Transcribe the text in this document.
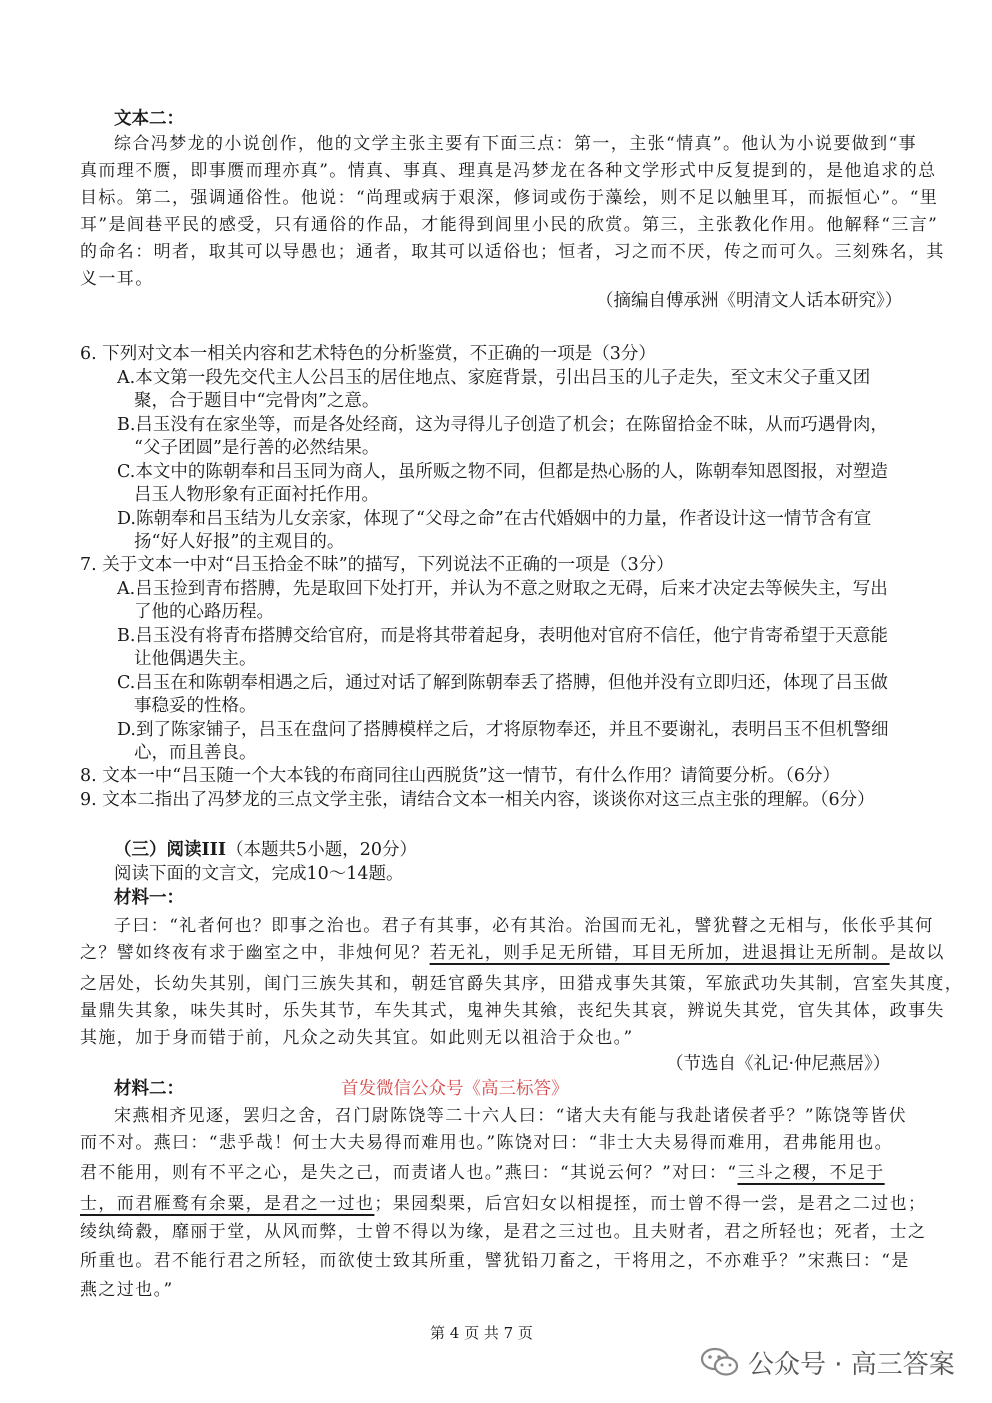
文本二：
综合冯梦龙的小说创作，他的文学主张主要有下面三点：第一，主张“情真”。他认为小说要做到“事
真而理不赝，即事赝而理亦真”。情真、事真、理真是冯梦龙在各种文学形式中反复提到的，是他追求的总
目标。第二，强调通俗性。他说：“尚理或病于艰深，修词或伤于藻绘，则不足以触里耳，而振恒心”。“里
耳”是闾巷平民的感受，只有通俗的作品，才能得到闾里小民的欣赏。第三，主张教化作用。他解释“三言”
的命名：明者，取其可以导愚也；通者，取其可以适俗也；恒者，习之而不厌，传之而可久。三刻殊名，其
义一耳。
（摘编自傅承洲《明清文人话本研究》）
6. 下列对文本一相关内容和艺术特色的分析鉴赏，不正确的一项是（3分）
A.本文第一段先交代主人公吕玉的居住地点、家庭背景，引出吕玉的儿子走失，至文末父子重又团
聚，合于题目中“完骨肉”之意。
B.吕玉没有在家坐等，而是各处经商，这为寻得儿子创造了机会；在陈留拾金不昧，从而巧遇骨肉，
“父子团圆”是行善的必然结果。
C.本文中的陈朝奉和吕玉同为商人，虽所贩之物不同，但都是热心肠的人，陈朝奉知恩图报，对塑造
吕玉人物形象有正面衬托作用。
D.陈朝奉和吕玉结为儿女亲家，体现了“父母之命”在古代婚姻中的力量，作者设计这一情节含有宣
扬“好人好报”的主观目的。
7. 关于文本一中对“吕玉拾金不昧”的描写，下列说法不正确的一项是（3分）
A.吕玉捡到青布搭膊，先是取回下处打开，并认为不意之财取之无碍，后来才决定去等候失主，写出
了他的心路历程。
B.吕玉没有将青布搭膊交给官府，而是将其带着起身，表明他对官府不信任，他宁肯寄希望于天意能
让他偶遇失主。
C.吕玉在和陈朝奉相遇之后，通过对话了解到陈朝奉丢了搭膊，但他并没有立即归还，体现了吕玉做
事稳妥的性格。
D.到了陈家铺子，吕玉在盘问了搭膊模样之后，才将原物奉还，并且不要谢礼，表明吕玉不但机警细
心，而且善良。
8. 文本一中“吕玉随一个大本钱的布商同往山西脱货”这一情节，有什么作用？请简要分析。（6分）
9. 文本二指出了冯梦龙的三点文学主张，请结合文本一相关内容，谈谈你对这三点主张的理解。（6分）
（三）阅读III（本题共5小题，20分）
阅读下面的文言文，完成10～14题。
材料一：
子曰：“礼者何也？即事之治也。君子有其事，必有其治。治国而无礼，譬犹瞽之无相与，伥伥乎其何
之？譬如终夜有求于幽室之中，非烛何见？若无礼，则手足无所错，耳目无所加，进退揖让无所制。是故以
之居处，长幼失其别，闺门三族失其和，朝廷官爵失其序，田猎戎事失其策，军旅武功失其制，宫室失其度，
量鼎失其象，味失其时，乐失其节，车失其式，鬼神失其飨，丧纪失其哀，辨说失其党，官失其体，政事失
其施，加于身而错于前，凡众之动失其宜。如此则无以祖洽于众也。”
（节选自《礼记·仲尼燕居》）
材料二：	首发微信公众号《高三标答》
宋燕相齐见逐，罢归之舍，召门尉陈饶等二十六人曰：“诸大夫有能与我赴诸侯者乎？”陈饶等皆伏
而不对。燕曰：“悲乎哉！何士大夫易得而难用也。”陈饶对曰：“非士大夫易得而难用，君弗能用也。
君不能用，则有不平之心，是失之己，而责诸人也。”燕曰：“其说云何？”对曰：“三斗之稷，不足于
士，而君雁鹜有余粟，是君之一过也；果园梨栗，后宫妇女以相提挃，而士曾不得一尝，是君之二过也；
绫纨绮縠，靡丽于堂，从风而弊，士曾不得以为缘，是君之三过也。且夫财者，君之所轻也；死者，士之
所重也。君不能行君之所轻，而欲使士致其所重，譬犹铅刀畜之，干将用之，不亦难乎？”宋燕曰：“是
燕之过也。”
第 4 页 共 7 页
公众号 · 高三答案
